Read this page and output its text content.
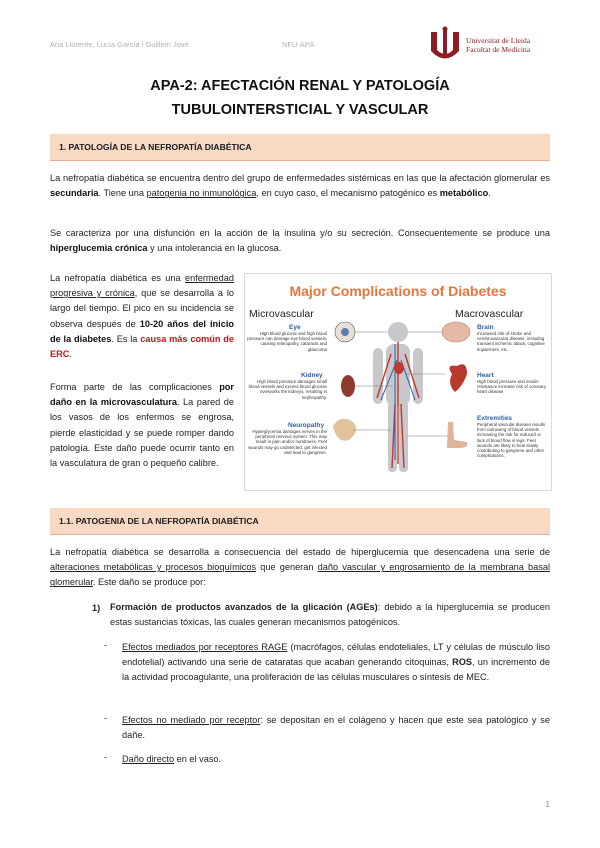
Ana Llorente, Lucía García i Guillem Jové	NFU-APA	Universitat de Lleida
Facultat de Medicina
APA-2: AFECTACIÓN RENAL Y PATOLOGÍA
TUBULOINTERSTICIAL Y VASCULAR
1. PATOLOGÍA DE LA NEFROPATÍA DIABÉTICA
La nefropatía diabética se encuentra dentro del grupo de enfermedades sistémicas en las que la afectación glomerular es secundaria. Tiene una patogenia no inmunológica, en cuyo caso, el mecanismo patogénico es metabólico.
Se caracteriza por una disfunción en la acción de la insulina y/o su secreción. Consecuentemente se produce una hiperglucemia crónica y una intolerancia en la glucosa.
La nefropatía diabética es una enfermedad progresiva y crónica, que se desarrolla a lo largo del tiempo. El pico en su incidencia se observa después de 10-20 años del inicio de la diabetes. Es la causa más común de ERC.
Forma parte de las complicaciones por daño en la microvasculatura. La pared de los vasos de los enfermos se engrosa, pierde elasticidad y se puede romper dando patología. Este daño puede ocurrir tanto en la vasculatura de gran o pequeño calibre.
Major Complications of Diabetes
Microvascular	Macrovascular
Eye
High blood glucose and high blood pressure can damage eye blood vessels, causing retinopathy, cataracts and glaucoma
Kidney
High blood pressure damages small blood vessels and excess blood glucose overworks the kidneys, resulting in nephropathy.
Neuropathy
Hyperglycemia damages nerves in the peripheral nervous system. This may result in pain and/or numbness. Feet wounds may go undetected, get infected and lead to gangrene.
Brain
Increased risk of stroke and cerebrovascular disease, including transient ischemic attack, cognitive impairment, etc.
Heart
High blood pressure and insulin resistance increase risk of coronary heart disease
Extremities
Peripheral vascular disease results from narrowing of blood vessels increasing the risk for reduced or lack of blood flow in legs. Feet wounds are likely to heal slowly contributing to gangrene and other complications.
1.1. PATOGENIA DE LA NEFROPATÍA DIABÉTICA
La nefropatía diabética se desarrolla a consecuencia del estado de hiperglucemia que desencadena una serie de alteraciones metabólicas y procesos bioquímicos que generan daño vascular y engrosamiento de la membrana basal glomerular. Este daño se produce por:
1) Formación de productos avanzados de la glicación (AGEs): debido a la hiperglucemia se producen estas sustancias tóxicas, las cuales generan mecanismos patogénicos.
- Efectos mediados por receptores RAGE (macrófagos, células endoteliales, LT y células de músculo liso endotelial) activando una serie de cataratas que acaban generando citoquinas, ROS, un incremento de la actividad procoagulante, una proliferación de las células musculares o síntesis de MEC.
- Efectos no mediado por receptor: se depositan en el colágeno y hacen que este sea patológico y se dañe.
- Daño directo en el vaso.
1
